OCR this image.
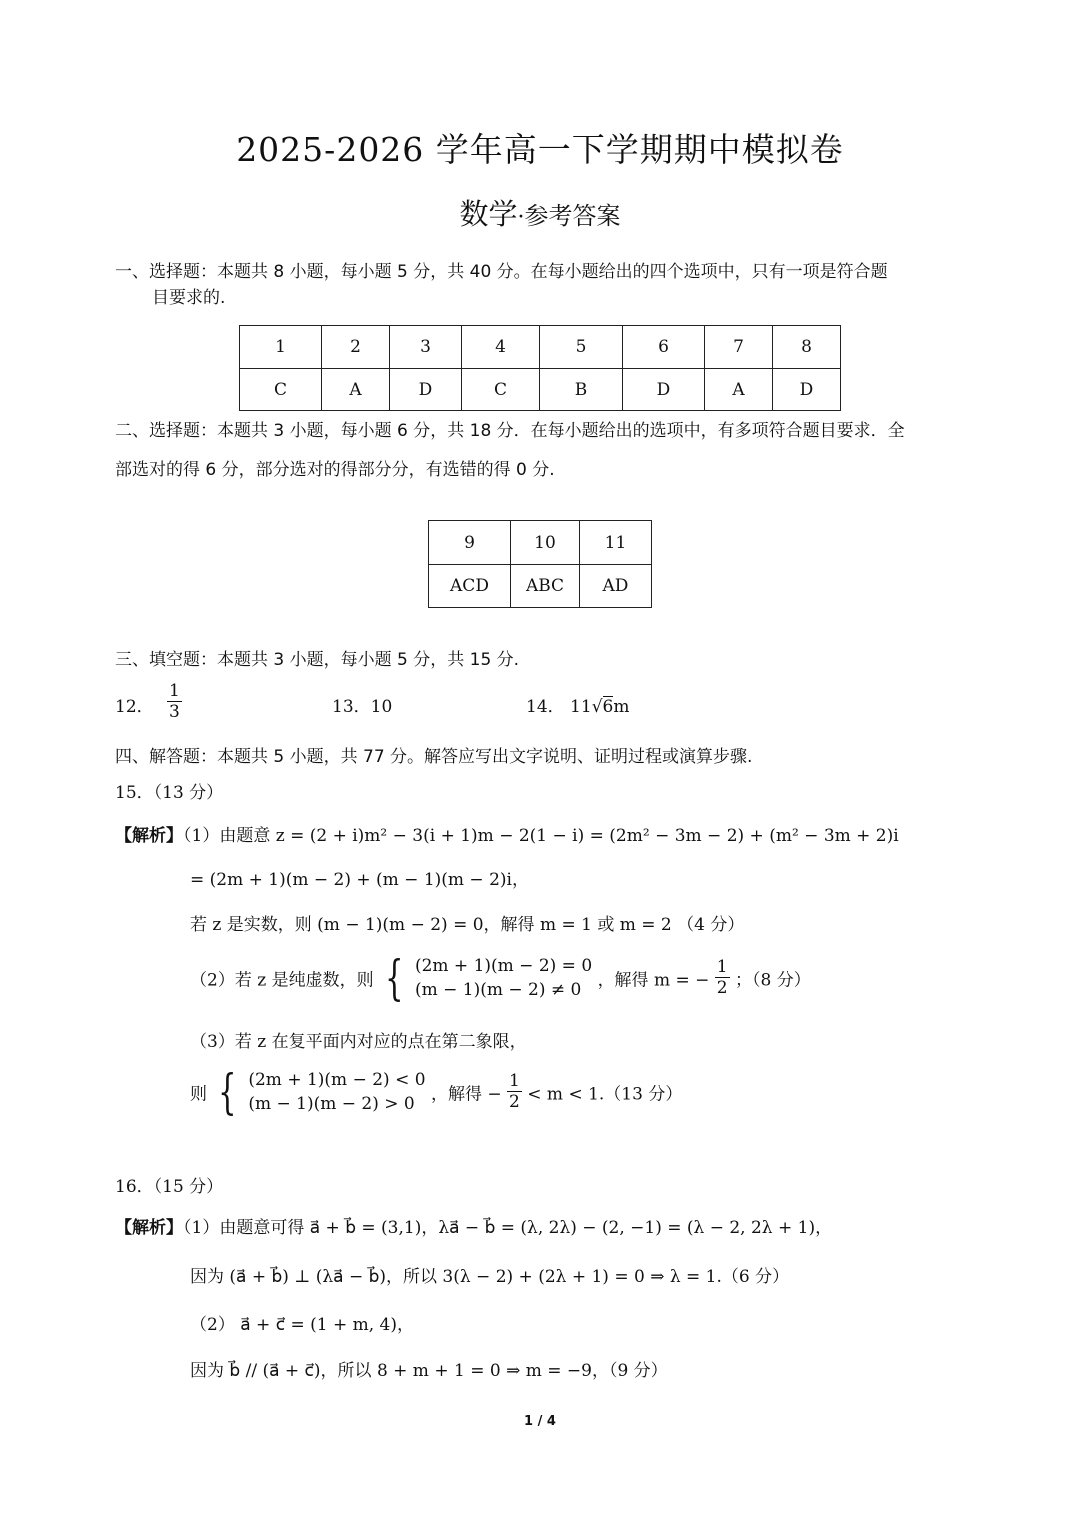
2025-2026 学年高一下学期期中模拟卷
数学·参考答案
一、选择题：本题共 8 小题，每小题 5 分，共 40 分。在每小题给出的四个选项中，只有一项是符合题
目要求的.
1	2	3	4	5	6	7	8
C	A	D	C	B	D	A	D
二、选择题：本题共 3 小题，每小题 6 分，共 18 分．在每小题给出的选项中，有多项符合题目要求．全
部选对的得 6 分，部分选对的得部分分，有选错的得 0 分.
9	10	11
ACD	ABC	AD
三、填空题：本题共 3 小题，每小题 5 分，共 15 分.
12． $\frac{1}{3}$	13．10	14． 11√6m
四、解答题：本题共 5 小题，共 77 分。解答应写出文字说明、证明过程或演算步骤.
15．（13 分）
【解析】（1）由题意 z = (2 + i)m² − 3(i + 1)m − 2(1 − i) = (2m² − 3m − 2) + (m² − 3m + 2)i
= (2m + 1)(m − 2) + (m − 1)(m − 2)i，
若 z 是实数，则 (m − 1)(m − 2) = 0，解得 m = 1 或 m = 2 （4 分）
（2）若 z 是纯虚数，则 { (2m + 1)(m − 2) = 0
(m − 1)(m − 2) ≠ 0 ，解得 m = − $\frac{1}{2}$ ；（8 分）
（3）若 z 在复平面内对应的点在第二象限，
则 { (2m + 1)(m − 2) < 0
(m − 1)(m − 2) > 0 ，解得 − $\frac{1}{2} < m < 1.(13$ 分）
16．（15 分）
【解析】（1）由题意可得 a⃗ + b⃗ = (3,1)，λa⃗ − b⃗ = (λ, 2λ) − (2, −1) = (λ − 2, 2λ + 1)，
因为 (a⃗ + b⃗) ⊥ (λa⃗ − b⃗)，所以 3(λ − 2) + (2λ + 1) = 0 ⇒ λ = 1.（6 分）
（2） a⃗ + c⃗ = (1 + m, 4)，
因为 b⃗ // (a⃗ + c⃗)，所以 8 + m + 1 = 0 ⇒ m = −9，（9 分）
1 / 4
